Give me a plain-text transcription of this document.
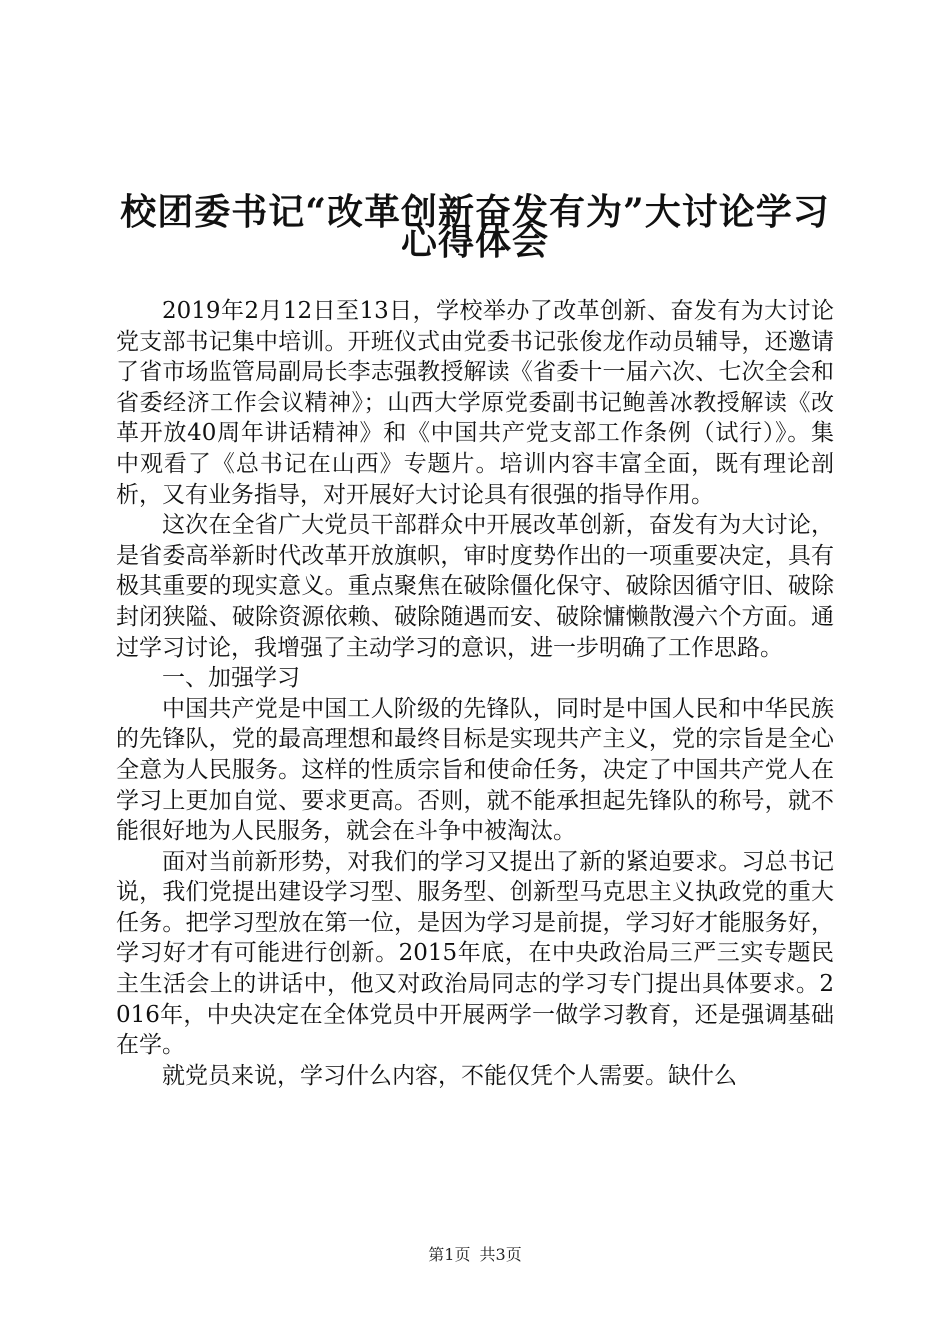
校团委书记“改革创新奋发有为”大讨论学习
心得体会

2019年2月12日至13日，学校举办了改革创新、奋发有为大讨论党支部书记集中培训。开班仪式由党委书记张俊龙作动员辅导，还邀请了省市场监管局副局长李志强教授解读《省委十一届六次、七次全会和省委经济工作会议精神》；山西大学原党委副书记鲍善冰教授解读《改革开放40周年讲话精神》和《中国共产党支部工作条例（试行）》。集中观看了《总书记在山西》专题片。培训内容丰富全面，既有理论剖析，又有业务指导，对开展好大讨论具有很强的指导作用。

这次在全省广大党员干部群众中开展改革创新，奋发有为大讨论，是省委高举新时代改革开放旗帜，审时度势作出的一项重要决定，具有极其重要的现实意义。重点聚焦在破除僵化保守、破除因循守旧、破除封闭狭隘、破除资源依赖、破除随遇而安、破除慵懒散漫六个方面。通过学习讨论，我增强了主动学习的意识，进一步明确了工作思路。

一、加强学习

中国共产党是中国工人阶级的先锋队，同时是中国人民和中华民族的先锋队，党的最高理想和最终目标是实现共产主义，党的宗旨是全心全意为人民服务。这样的性质宗旨和使命任务，决定了中国共产党人在学习上更加自觉、要求更高。否则，就不能承担起先锋队的称号，就不能很好地为人民服务，就会在斗争中被淘汰。

面对当前新形势，对我们的学习又提出了新的紧迫要求。习总书记说，我们党提出建设学习型、服务型、创新型马克思主义执政党的重大任务。把学习型放在第一位，是因为学习是前提，学习好才能服务好，学习好才有可能进行创新。2015年底，在中央政治局三严三实专题民主生活会上的讲话中，他又对政治局同志的学习专门提出具体要求。2016年，中央决定在全体党员中开展两学一做学习教育，还是强调基础在学。

就党员来说，学习什么内容，不能仅凭个人需要。缺什么

第1页 共3页
